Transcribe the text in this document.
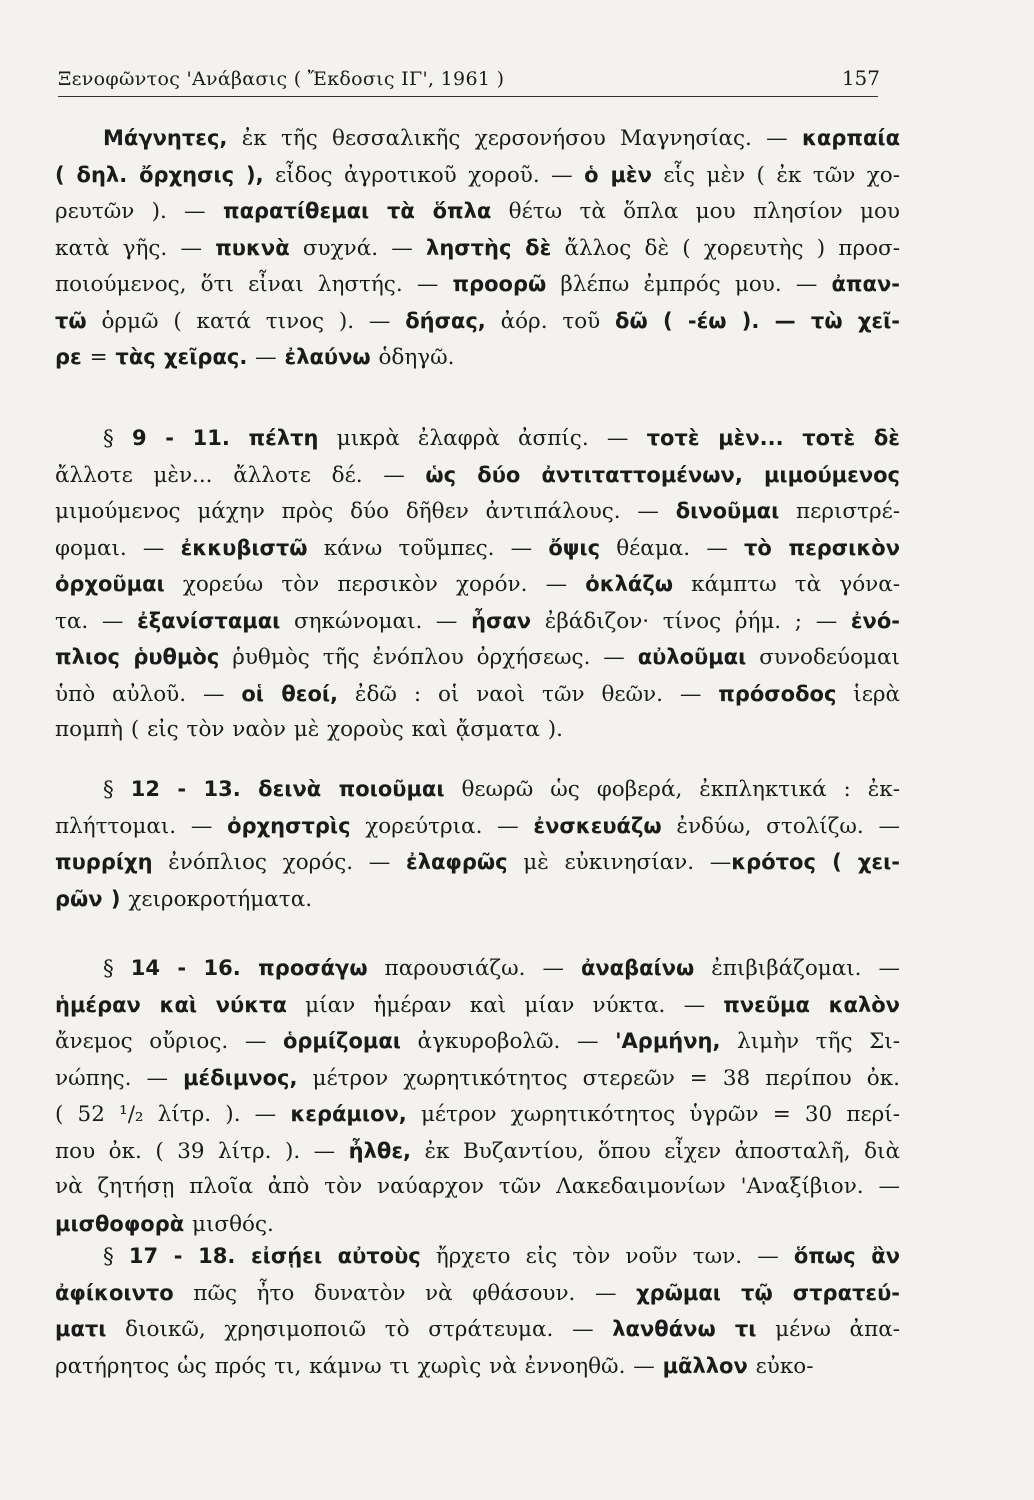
Ξενοφῶντος 'Ανάβασις ( Ἔκδοσις ΙΓ', 1961 )	157
Μάγνητες, ἐκ τῆς θεσσαλικῆς χερσονήσου Μαγνησίας. — καρπαία
( δηλ. ὄρχησις ), εἶδος ἀγροτικοῦ χοροῦ. — ὁ μὲν εἷς μὲν ( ἐκ τῶν χο-
ρευτῶν ). — παρατίθεμαι τὰ ὅπλα θέτω τὰ ὅπλα μου πλησίον μου
κατὰ γῆς. — πυκνὰ συχνά. — ληστὴς δὲ ἄλλος δὲ ( χορευτὴς ) προσ-
ποιούμενος, ὅτι εἶναι ληστής. — προορῶ βλέπω ἐμπρός μου. — ἀπαν-
τῶ ὁρμῶ ( κατά τινος ). — δήσας, ἀόρ. τοῦ δῶ ( -έω ). — τὼ χεῖ-
ρε = τὰς χεῖρας. — ἐλαύνω ὁδηγῶ.
§ 9 - 11. πέλτη μικρὰ ἐλαφρὰ ἀσπίς. — τοτὲ μὲν... τοτὲ δὲ
ἄλλοτε μὲν... ἄλλοτε δέ. — ὡς δύο ἀντιταττομένων, μιμούμενος
μιμούμενος μάχην πρὸς δύο δῆθεν ἀντιπάλους. — δινοῦμαι περιστρέ-
φομαι. — ἐκκυβιστῶ κάνω τοῦμπες. — ὄψις θέαμα. — τὸ περσικὸν
ὀρχοῦμαι χορεύω τὸν περσικὸν χορόν. — ὀκλάζω κάμπτω τὰ γόνα-
τα. — ἐξανίσταμαι σηκώνομαι. — ἦσαν ἐβάδιζον· τίνος ῥήμ. ; — ἐνό-
πλιος ῥυθμὸς ῥυθμὸς τῆς ἐνόπλου ὀρχήσεως. — αὐλοῦμαι συνοδεύομαι
ὑπὸ αὐλοῦ. — οἱ θεοί, ἐδῶ : οἱ ναοὶ τῶν θεῶν. — πρόσοδος ἱερὰ
πομπὴ ( εἰς τὸν ναὸν μὲ χοροὺς καὶ ᾄσματα ).
§ 12 - 13. δεινὰ ποιοῦμαι θεωρῶ ὡς φοβερά, ἐκπληκτικά : ἐκ-
πλήττομαι. — ὀρχηστρὶς χορεύτρια. — ἐνσκευάζω ἐνδύω, στολίζω. —
πυρρίχη ἐνόπλιος χορός. — ἐλαφρῶς μὲ εὐκινησίαν. —κρότος ( χει-
ρῶν ) χειροκροτήματα.
§ 14 - 16. προσάγω παρουσιάζω. — ἀναβαίνω ἐπιβιβάζομαι. —
ἡμέραν καὶ νύκτα μίαν ἡμέραν καὶ μίαν νύκτα. — πνεῦμα καλὸν
ἄνεμος οὔριος. — ὁρμίζομαι ἀγκυροβολῶ. — 'Αρμήνη, λιμὴν τῆς Σι-
νώπης. — μέδιμνος, μέτρον χωρητικότητος στερεῶν = 38 περίπου ὀκ.
( 52 ¹/₂ λίτρ. ). — κεράμιον, μέτρον χωρητικότητος ὑγρῶν = 30 περί-
που ὀκ. ( 39 λίτρ. ). — ἦλθε, ἐκ Βυζαντίου, ὅπου εἶχεν ἀποσταλῆ, διὰ
νὰ ζητήσῃ πλοῖα ἀπὸ τὸν ναύαρχον τῶν Λακεδαιμονίων 'Αναξίβιον. —
μισθοφορὰ μισθός.
§ 17 - 18. εἰσῄει αὐτοὺς ἤρχετο εἰς τὸν νοῦν των. — ὅπως ἂν
ἀφίκοιντο πῶς ἦτο δυνατὸν νὰ φθάσουν. — χρῶμαι τῷ στρατεύ-
ματι διοικῶ, χρησιμοποιῶ τὸ στράτευμα. — λανθάνω τι μένω ἀπα-
ρατήρητος ὡς πρός τι, κάμνω τι χωρὶς νὰ ἐννοηθῶ. — μᾶλλον εὐκο-
